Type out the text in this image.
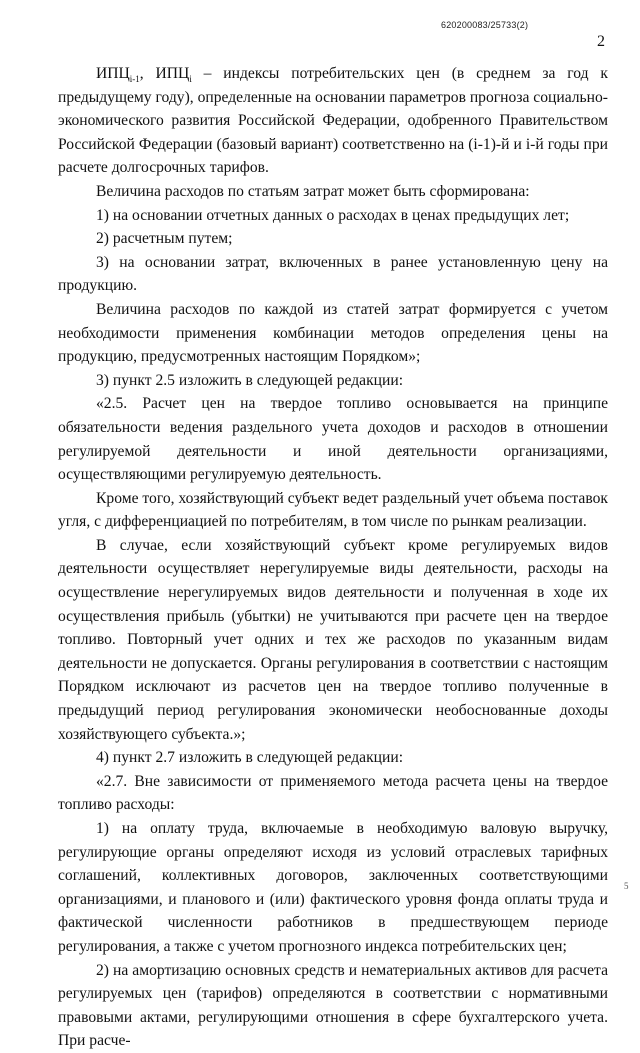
620200083/25733(2)
2

$ИПЦ_{i-1}$, $ИПЦ_i$ – индексы потребительских цен (в среднем за год к предыдущему году), определенные на основании параметров прогноза социально-экономического развития Российской Федерации, одобренного Правительством Российской Федерации (базовый вариант) соответственно на (i-1)-й и i-й годы при расчете долгосрочных тарифов.

Величина расходов по статьям затрат может быть сформирована:

1) на основании отчетных данных о расходах в ценах предыдущих лет;

2) расчетным путем;

3) на основании затрат, включенных в ранее установленную цену на продукцию.

Величина расходов по каждой из статей затрат формируется с учетом необходимости применения комбинации методов определения цены на продукцию, предусмотренных настоящим Порядком»;

3) пункт 2.5 изложить в следующей редакции:

«2.5. Расчет цен на твердое топливо основывается на принципе обязательности ведения раздельного учета доходов и расходов в отношении регулируемой деятельности и иной деятельности организациями, осуществляющими регулируемую деятельность.

Кроме того, хозяйствующий субъект ведет раздельный учет объема поставок угля, с дифференциацией по потребителям, в том числе по рынкам реализации.

В случае, если хозяйствующий субъект кроме регулируемых видов деятельности осуществляет нерегулируемые виды деятельности, расходы на осуществление нерегулируемых видов деятельности и полученная в ходе их осуществления прибыль (убытки) не учитываются при расчете цен на твердое топливо. Повторный учет одних и тех же расходов по указанным видам деятельности не допускается. Органы регулирования в соответствии с настоящим Порядком исключают из расчетов цен на твердое топливо полученные в предыдущий период регулирования экономически необоснованные доходы хозяйствующего субъекта.»;

4) пункт 2.7 изложить в следующей редакции:

«2.7. Вне зависимости от применяемого метода расчета цены на твердое топливо расходы:

1) на оплату труда, включаемые в необходимую валовую выручку, регулирующие органы определяют исходя из условий отраслевых тарифных соглашений, коллективных договоров, заключенных соответствующими организациями, и планового и (или) фактического уровня фонда оплаты труда и фактической численности работников в предшествующем периоде регулирования, а также с учетом прогнозного индекса потребительских цен;

2) на амортизацию основных средств и нематериальных активов для расчета регулируемых цен (тарифов) определяются в соответствии с нормативными правовыми актами, регулирующими отношения в сфере бухгалтерского учета. При расче-

5
